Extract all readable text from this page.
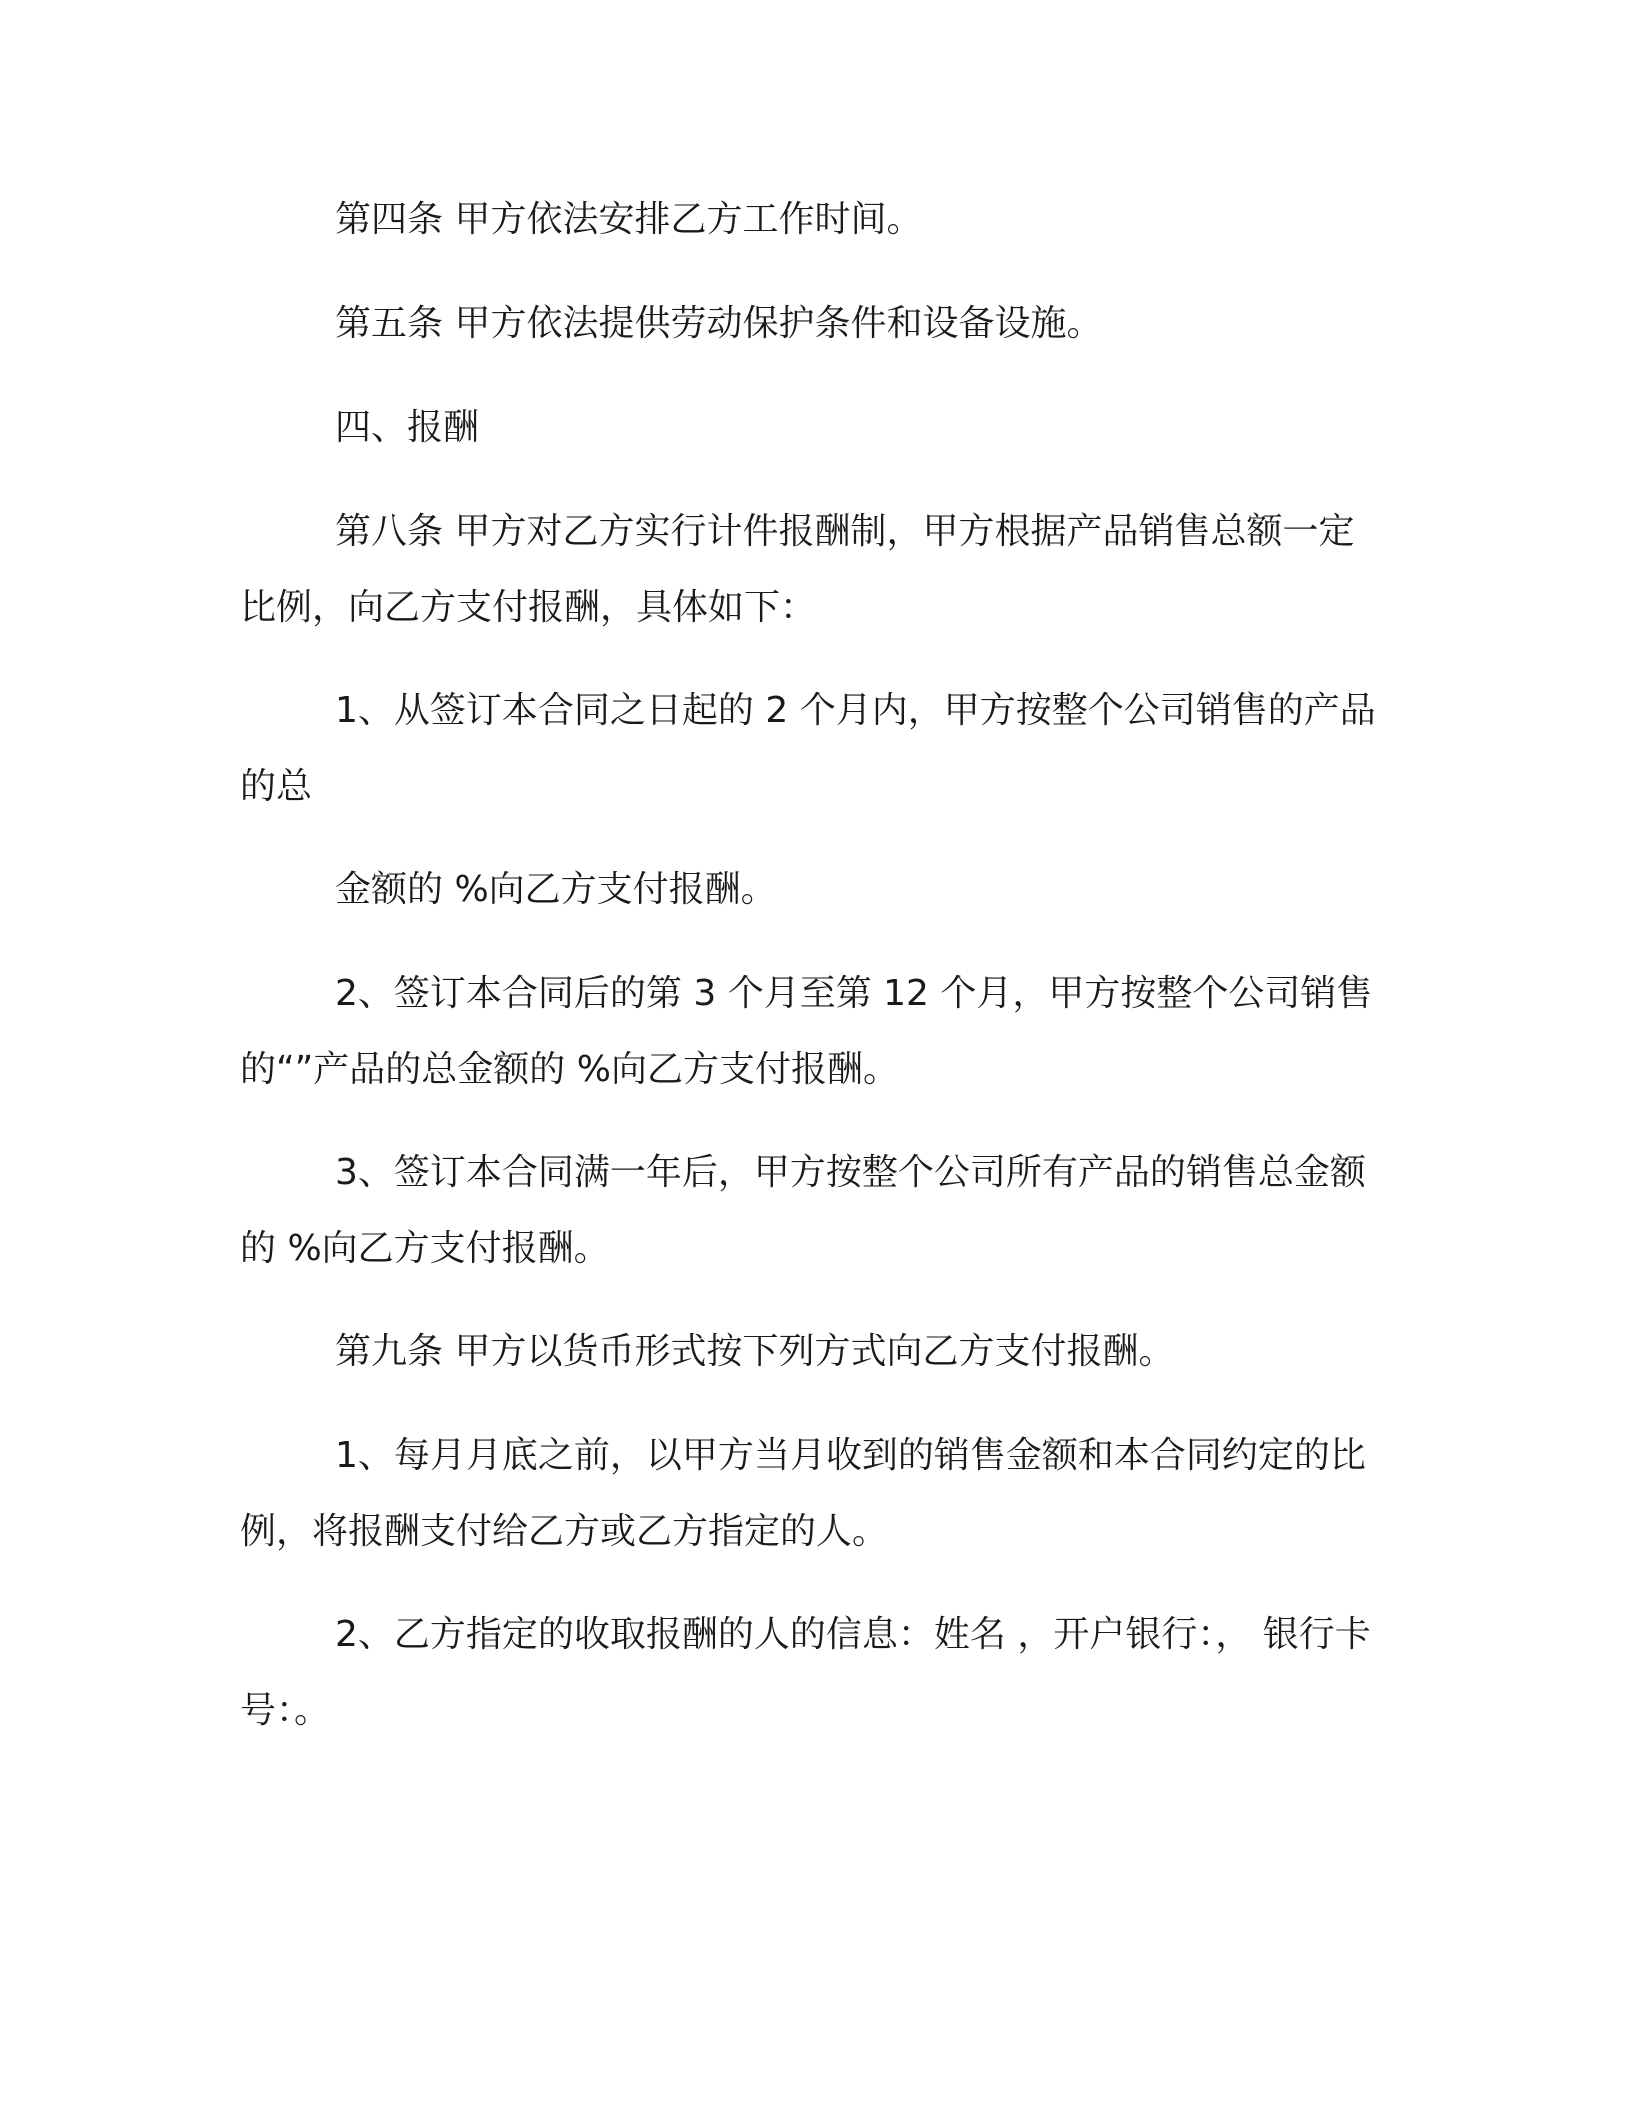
第四条 甲方依法安排乙方工作时间。

第五条 甲方依法提供劳动保护条件和设备设施。

四、报酬

第八条 甲方对乙方实行计件报酬制，甲方根据产品销售总额一定比例，向乙方支付报酬，具体如下：

1、从签订本合同之日起的 2 个月内，甲方按整个公司销售的产品的总

金额的 %向乙方支付报酬。

2、签订本合同后的第 3 个月至第 12 个月，甲方按整个公司销售的“”产品的总金额的 %向乙方支付报酬。

3、签订本合同满一年后，甲方按整个公司所有产品的销售总金额的 %向乙方支付报酬。

第九条 甲方以货币形式按下列方式向乙方支付报酬。

1、每月月底之前，以甲方当月收到的销售金额和本合同约定的比例，将报酬支付给乙方或乙方指定的人。

2、乙方指定的收取报酬的人的信息：姓名 ，开户银行：， 银行卡号：。
